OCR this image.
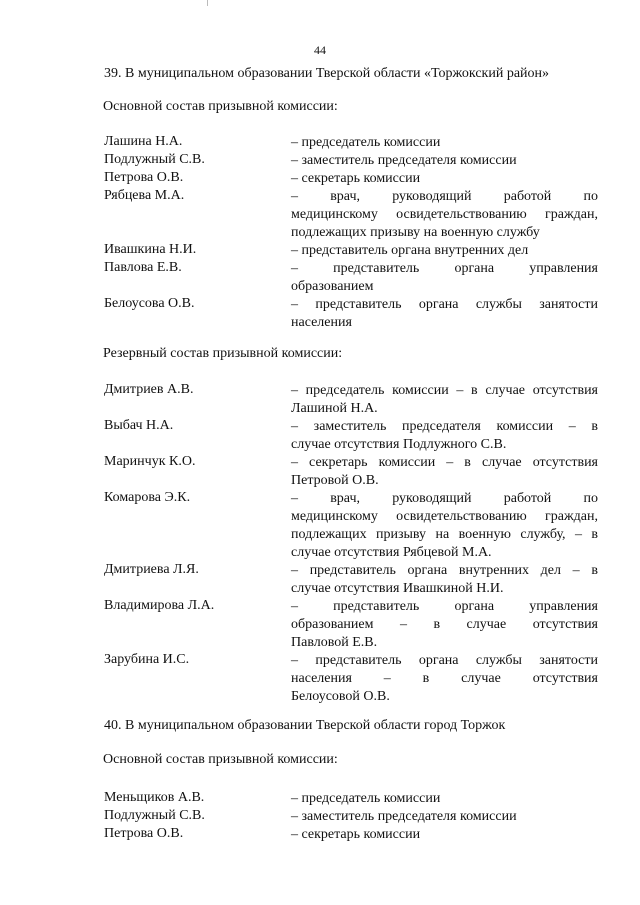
44
39. В муниципальном образовании Тверской области «Торжокский район»
Основной состав призывной комиссии:
Лашина Н.А.	– председатель комиссии
Подлужный С.В.	– заместитель председателя комиссии
Петрова О.В.	– секретарь комиссии
Рябцева М.А.	– врач, руководящий работой по
медицинскому освидетельствованию граждан,
подлежащих призыву на военную службу
Ивашкина Н.И.	– представитель органа внутренних дел
Павлова Е.В.	– представитель органа управления
образованием
Белоусова О.В.	– представитель органа службы занятости
населения
Резервный состав призывной комиссии:
Дмитриев А.В.	– председатель комиссии – в случае отсутствия
Лашиной Н.А.
Выбач Н.А.	– заместитель председателя комиссии – в
случае отсутствия Подлужного С.В.
Маринчук К.О.	– секретарь комиссии – в случае отсутствия
Петровой О.В.
Комарова Э.К.	– врач, руководящий работой по
медицинскому освидетельствованию граждан,
подлежащих призыву на военную службу, – в
случае отсутствия Рябцевой М.А.
Дмитриева Л.Я.	– представитель органа внутренних дел – в
случае отсутствия Ивашкиной Н.И.
Владимирова Л.А.	– представитель органа управления
образованием – в случае отсутствия
Павловой Е.В.
Зарубина И.С.	– представитель органа службы занятости
населения – в случае отсутствия
Белоусовой О.В.
40. В муниципальном образовании Тверской области город Торжок
Основной состав призывной комиссии:
Меньщиков А.В.	– председатель комиссии
Подлужный С.В.	– заместитель председателя комиссии
Петрова О.В.	– секретарь комиссии
